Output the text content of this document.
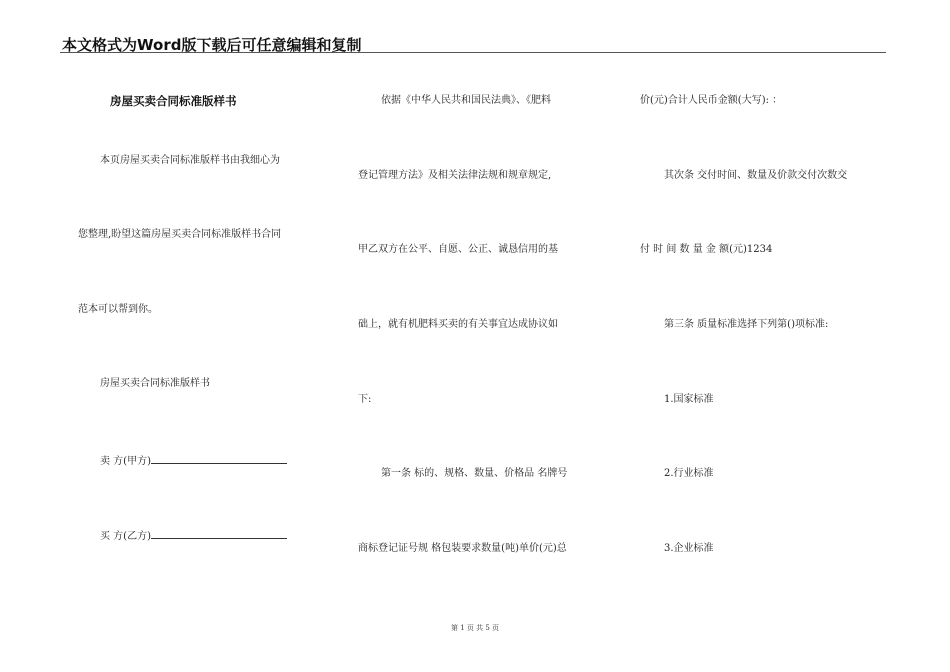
本文格式为Word版下载后可任意编辑和复制
房屋买卖合同标准版样书
本页房屋买卖合同标准版样书由我细心为
您整理,盼望这篇房屋买卖合同标准版样书合同
范本可以帮到你。
房屋买卖合同标准版样书
卖 方(甲方)
买 方(乙方)
依据《中华人民共和国民法典》、《肥料
登记管理方法》及相关法律法规和规章规定,
甲乙双方在公平、自愿、公正、诚恳信用的基
础上，就有机肥料买卖的有关事宜达成协议如
下:
第一条 标的、规格、数量、价格品 名牌号
商标登记证号规 格包装要求数量(吨)单价(元)总
价(元)合计人民币金额(大写): ：
其次条 交付时间、数量及价款交付次数交
付 时 间 数 量 金 额(元)1234
第三条 质量标准选择下列第()项标准:
1.国家标准
2.行业标准
3.企业标准
第 1 页 共 5 页
